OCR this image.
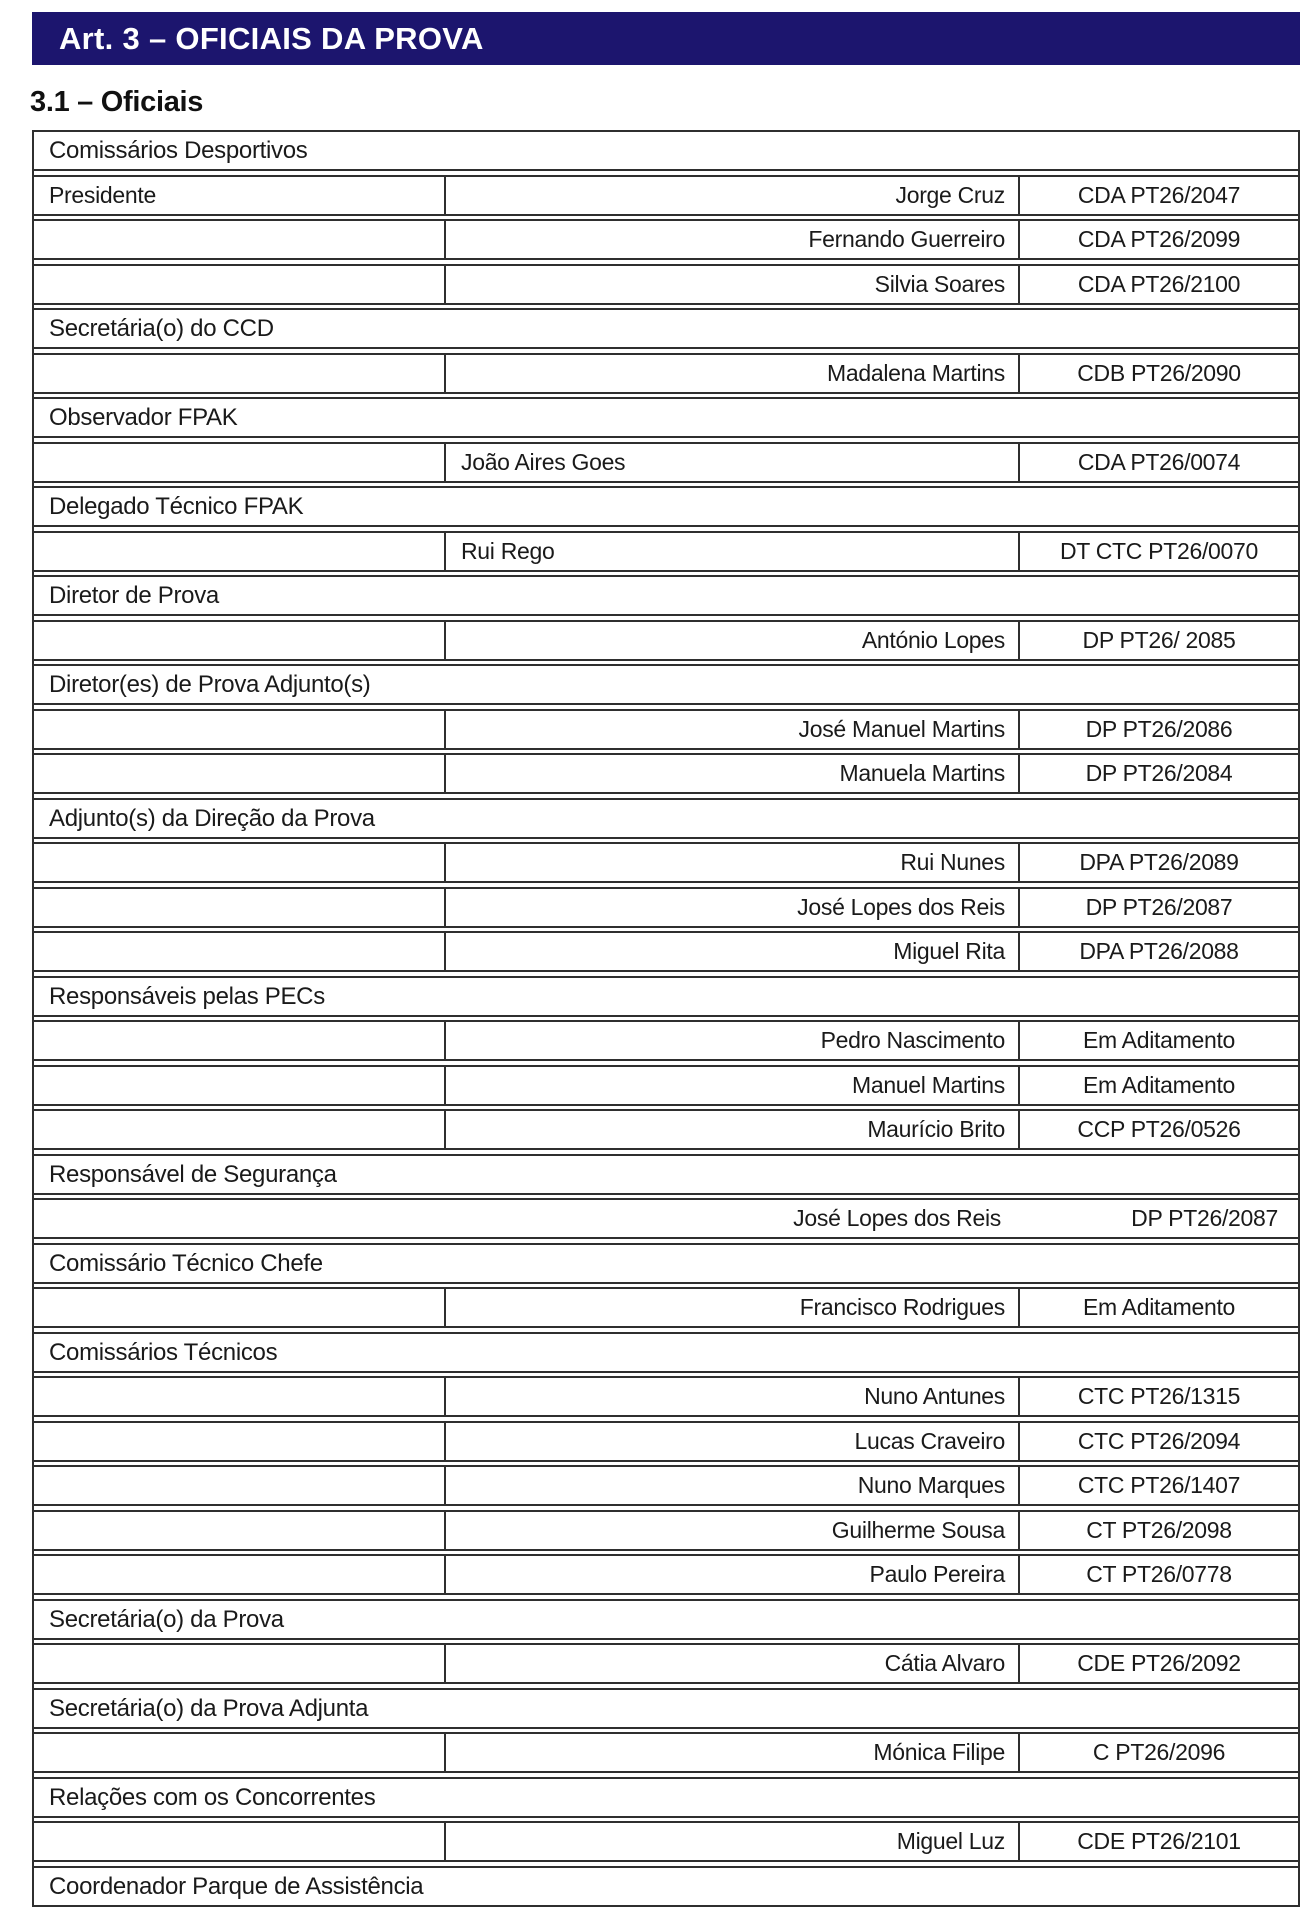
Art. 3 – OFICIAIS DA PROVA
3.1 – Oficiais
Comissários Desportivos
Presidente	Jorge Cruz	CDA PT26/2047
Fernando Guerreiro	CDA PT26/2099
Silvia Soares	CDA PT26/2100
Secretária(o) do CCD
Madalena Martins	CDB PT26/2090
Observador FPAK
João Aires Goes	CDA PT26/0074
Delegado Técnico FPAK
Rui Rego	DT CTC PT26/0070
Diretor de Prova
António Lopes	DP PT26/ 2085
Diretor(es) de Prova Adjunto(s)
José Manuel Martins	DP PT26/2086
Manuela Martins	DP PT26/2084
Adjunto(s) da Direção da Prova
Rui Nunes	DPA PT26/2089
José Lopes dos Reis	DP PT26/2087
Miguel Rita	DPA PT26/2088
Responsáveis pelas PECs
Pedro Nascimento	Em Aditamento
Manuel Martins	Em Aditamento
Maurício Brito	CCP PT26/0526
Responsável de Segurança
José Lopes dos Reis	DP PT26/2087
Comissário Técnico Chefe
Francisco Rodrigues	Em Aditamento
Comissários Técnicos
Nuno Antunes	CTC PT26/1315
Lucas Craveiro	CTC PT26/2094
Nuno Marques	CTC PT26/1407
Guilherme Sousa	CT PT26/2098
Paulo Pereira	CT PT26/0778
Secretária(o) da Prova
Cátia Alvaro	CDE PT26/2092
Secretária(o) da Prova Adjunta
Mónica Filipe	C PT26/2096
Relações com os Concorrentes
Miguel Luz	CDE PT26/2101
Coordenador Parque de Assistência
